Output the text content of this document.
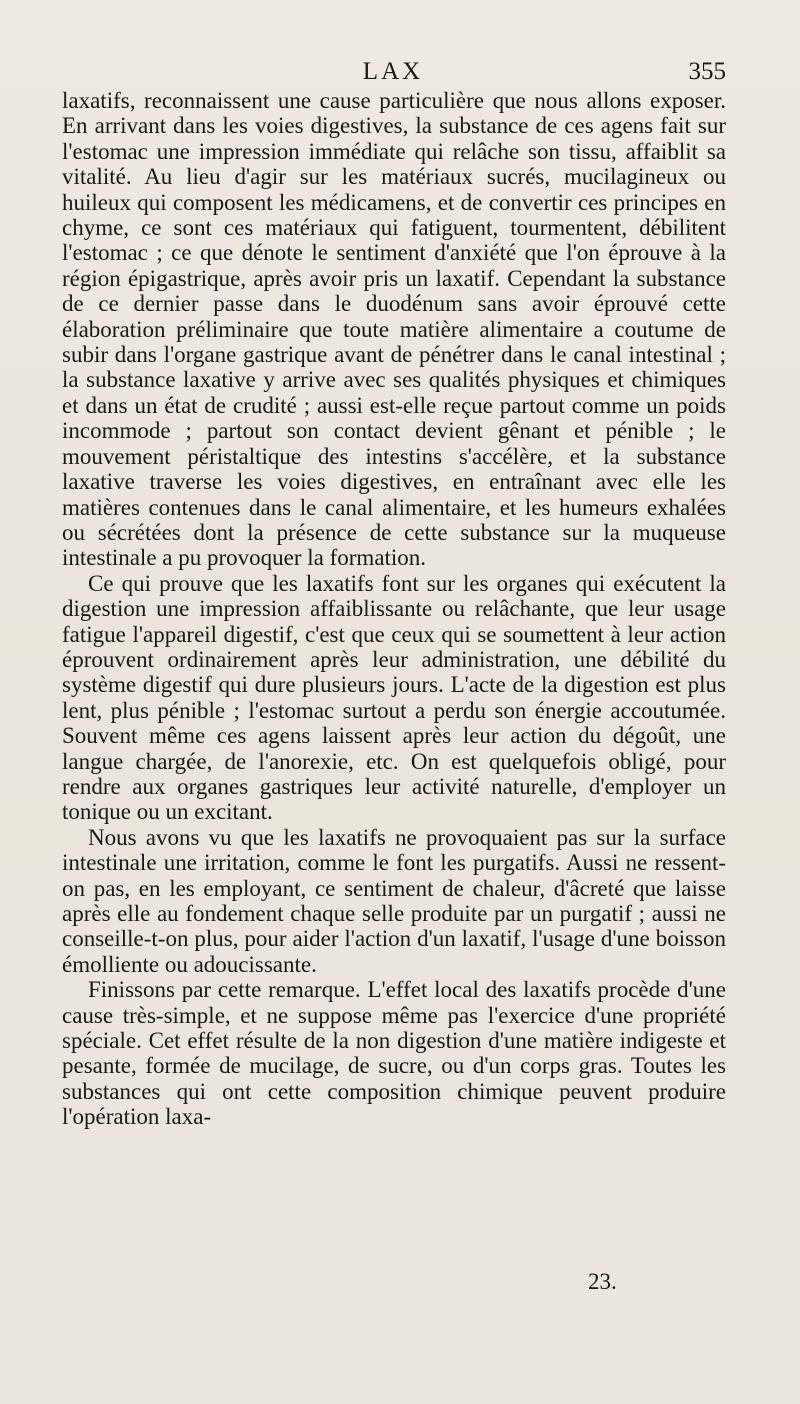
LAX	355

laxatifs, reconnaissent une cause particulière que nous allons exposer. En arrivant dans les voies digestives, la substance de ces agens fait sur l'estomac une impression immédiate qui relâche son tissu, affaiblit sa vitalité. Au lieu d'agir sur les matériaux sucrés, mucilagineux ou huileux qui composent les médicamens, et de convertir ces principes en chyme, ce sont ces matériaux qui fatiguent, tourmentent, débilitent l'estomac ; ce que dénote le sentiment d'anxiété que l'on éprouve à la région épigastrique, après avoir pris un laxatif. Cependant la substance de ce dernier passe dans le duodénum sans avoir éprouvé cette élaboration préliminaire que toute matière alimentaire a coutume de subir dans l'organe gastrique avant de pénétrer dans le canal intestinal ; la substance laxative y arrive avec ses qualités physiques et chimiques et dans un état de crudité ; aussi est-elle reçue partout comme un poids incommode ; partout son contact devient gênant et pénible ; le mouvement péristaltique des intestins s'accélère, et la substance laxative traverse les voies digestives, en entraînant avec elle les matières contenues dans le canal alimentaire, et les humeurs exhalées ou sécrétées dont la présence de cette substance sur la muqueuse intestinale a pu provoquer la formation.

Ce qui prouve que les laxatifs font sur les organes qui exécutent la digestion une impression affaiblissante ou relâchante, que leur usage fatigue l'appareil digestif, c'est que ceux qui se soumettent à leur action éprouvent ordinairement après leur administration, une débilité du système digestif qui dure plusieurs jours. L'acte de la digestion est plus lent, plus pénible ; l'estomac surtout a perdu son énergie accoutumée. Souvent même ces agens laissent après leur action du dégoût, une langue chargée, de l'anorexie, etc. On est quelquefois obligé, pour rendre aux organes gastriques leur activité naturelle, d'employer un tonique ou un excitant.

Nous avons vu que les laxatifs ne provoquaient pas sur la surface intestinale une irritation, comme le font les purgatifs. Aussi ne ressent-on pas, en les employant, ce sentiment de chaleur, d'âcreté que laisse après elle au fondement chaque selle produite par un purgatif ; aussi ne conseille-t-on plus, pour aider l'action d'un laxatif, l'usage d'une boisson émolliente ou adoucissante.

Finissons par cette remarque. L'effet local des laxatifs procède d'une cause très-simple, et ne suppose même pas l'exercice d'une propriété spéciale. Cet effet résulte de la non digestion d'une matière indigeste et pesante, formée de mucilage, de sucre, ou d'un corps gras. Toutes les substances qui ont cette composition chimique peuvent produire l'opération laxa-

23.
